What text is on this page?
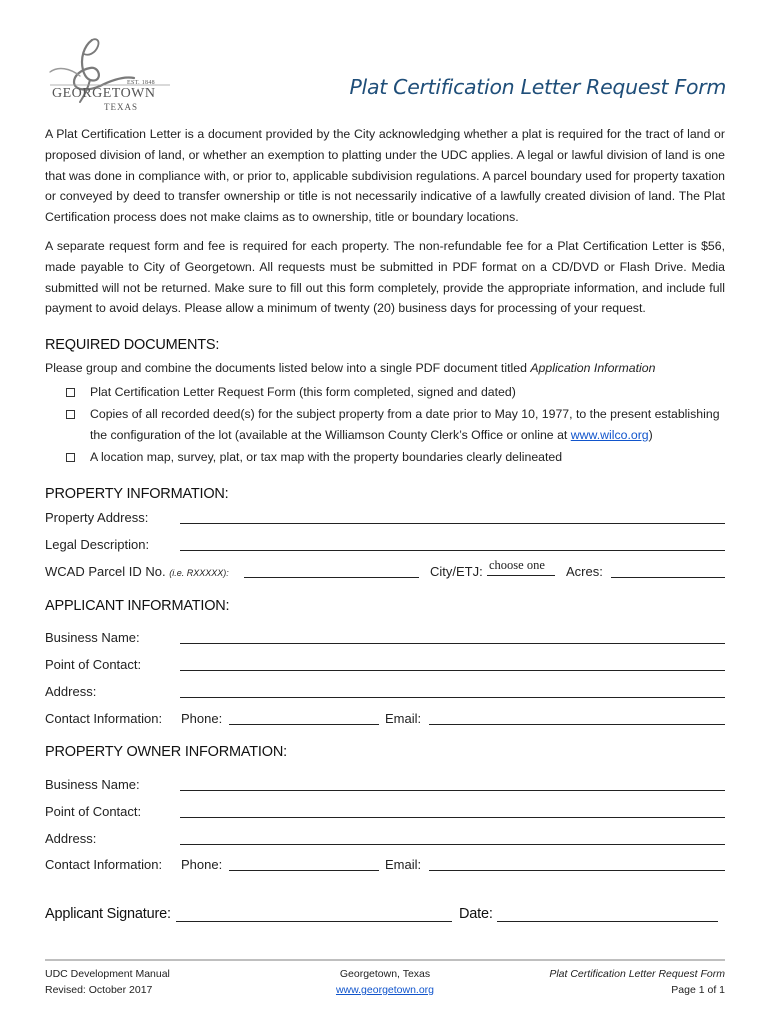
EST. 1848
GEORGETOWN
TEXAS
Plat Certification Letter Request Form
A Plat Certification Letter is a document provided by the City acknowledging whether a plat is required for the tract of land or proposed division of land, or whether an exemption to platting under the UDC applies. A legal or lawful division of land is one that was done in compliance with, or prior to, applicable subdivision regulations. A parcel boundary used for property taxation or conveyed by deed to transfer ownership or title is not necessarily indicative of a lawfully created division of land. The Plat Certification process does not make claims as to ownership, title or boundary locations.
A separate request form and fee is required for each property. The non-refundable fee for a Plat Certification Letter is $56, made payable to City of Georgetown. All requests must be submitted in PDF format on a CD/DVD or Flash Drive. Media submitted will not be returned. Make sure to fill out this form completely, provide the appropriate information, and include full payment to avoid delays. Please allow a minimum of twenty (20) business days for processing of your request.
REQUIRED DOCUMENTS:
Please group and combine the documents listed below into a single PDF document titled Application Information
Plat Certification Letter Request Form (this form completed, signed and dated)
Copies of all recorded deed(s) for the subject property from a date prior to May 10, 1977, to the present establishing the configuration of the lot (available at the Williamson County Clerk’s Office or online at www.wilco.org)
A location map, survey, plat, or tax map with the property boundaries clearly delineated
PROPERTY INFORMATION:
Property Address:
Legal Description:
WCAD Parcel ID No. (i.e. RXXXXX):	City/ETJ: choose one Acres:
APPLICANT INFORMATION:
Business Name:
Point of Contact:
Address:
Contact Information: Phone:	Email:
PROPERTY OWNER INFORMATION:
Business Name:
Point of Contact:
Address:
Contact Information: Phone:	Email:
Applicant Signature:	Date:
UDC Development Manual
Revised: October 2017
Georgetown, Texas
www.georgetown.org
Plat Certification Letter Request Form
Page 1 of 1
